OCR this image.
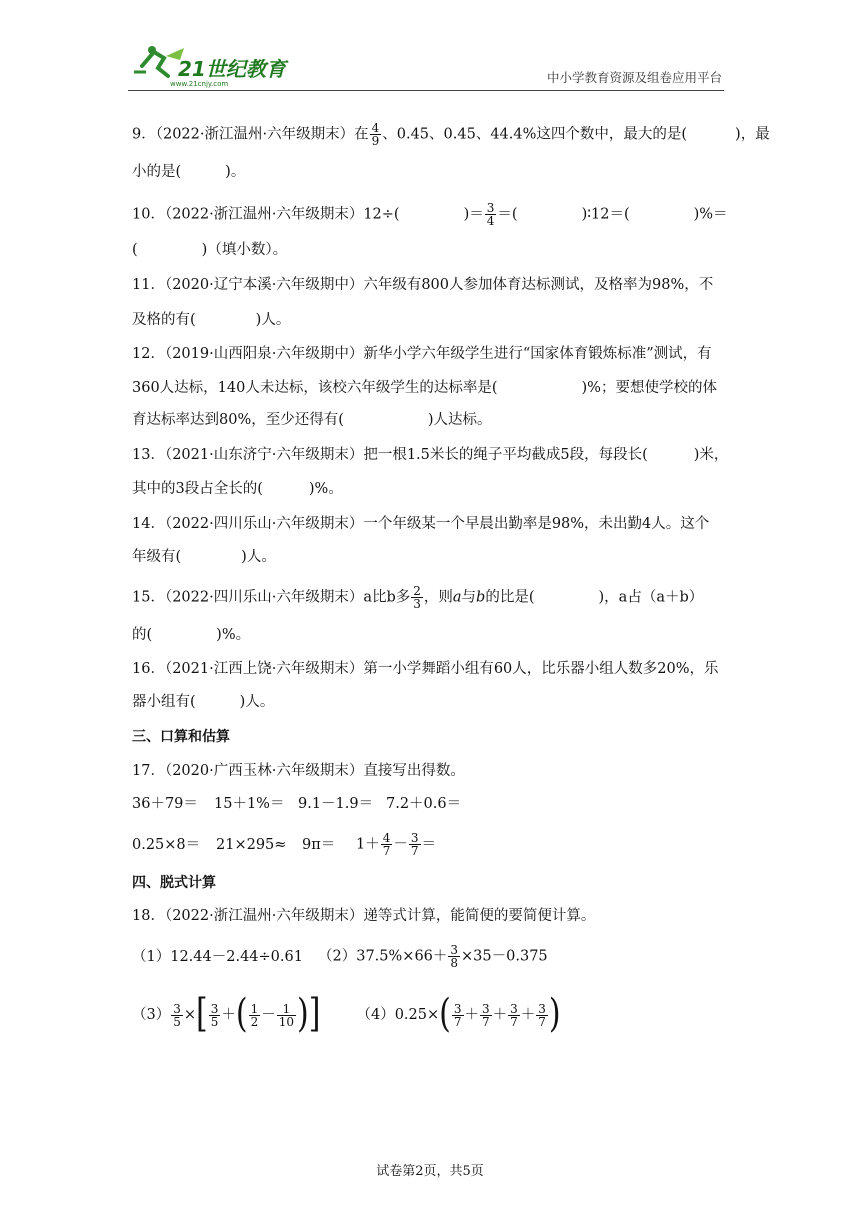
21世纪教育
www.21cnjy.com	中小学教育资源及组卷应用平台
9．（2022·浙江温州·六年级期末）在 $\frac{4}{9}$ 、0.45、0.45、44.4%这四个数中，最大的是(	)，最
小的是(	)。
10．（2022·浙江温州·六年级期末）12÷(	)＝ $\frac{3}{4}$ ＝(	)∶12＝(	)%＝
(	)（填小数）。
11．（2020·辽宁本溪·六年级期中）六年级有800人参加体育达标测试，及格率为98%，不
及格的有(	)人。
12．（2019·山西阳泉·六年级期中）新华小学六年级学生进行“国家体育锻炼标准”测试，有
360人达标，140人未达标，该校六年级学生的达标率是(	)%；要想使学校的体
育达标率达到80%，至少还得有(	)人达标。
13．（2021·山东济宁·六年级期末）把一根1.5米长的绳子平均截成5段，每段长(	)米，
其中的3段占全长的(	)%。
14．（2022·四川乐山·六年级期末）一个年级某一个早晨出勤率是98%，未出勤4人。这个
年级有(	)人。
15．（2022·四川乐山·六年级期末）a比b多 $\frac{2}{3}$ ，则a与b的比是(	)，a占（a＋b）
的(	)%。
16．（2021·江西上饶·六年级期末）第一小学舞蹈小组有60人，比乐器小组人数多20%，乐
器小组有(	)人。
三、口算和估算
17．（2020·广西玉林·六年级期末）直接写出得数。
36＋79＝ 15＋1%＝ 9.1－1.9＝ 7.2＋0.6＝
$0.25\times 8= 21\times 295\approx 9\pi= 1+ \frac{4}{7} - \frac{3}{7}$ ＝
四、脱式计算
18．（2022·浙江温州·六年级期末）递等式计算，能简便的要简便计算。
（1）12.44－2.44÷0.61 $(2)37.5\%\times 66+ \frac{3}{8} \times 35-0.375$
$(3) \frac{3}{5}$ ×[ $\frac{3}{5}$ ＋( $\frac{1}{2} - \frac{1}{10}$ )] $(4)0.25\times( \frac{3}{7} + \frac{3}{7} + \frac{3}{7} + \frac{3}{7}$ )
试卷第2页，共5页
